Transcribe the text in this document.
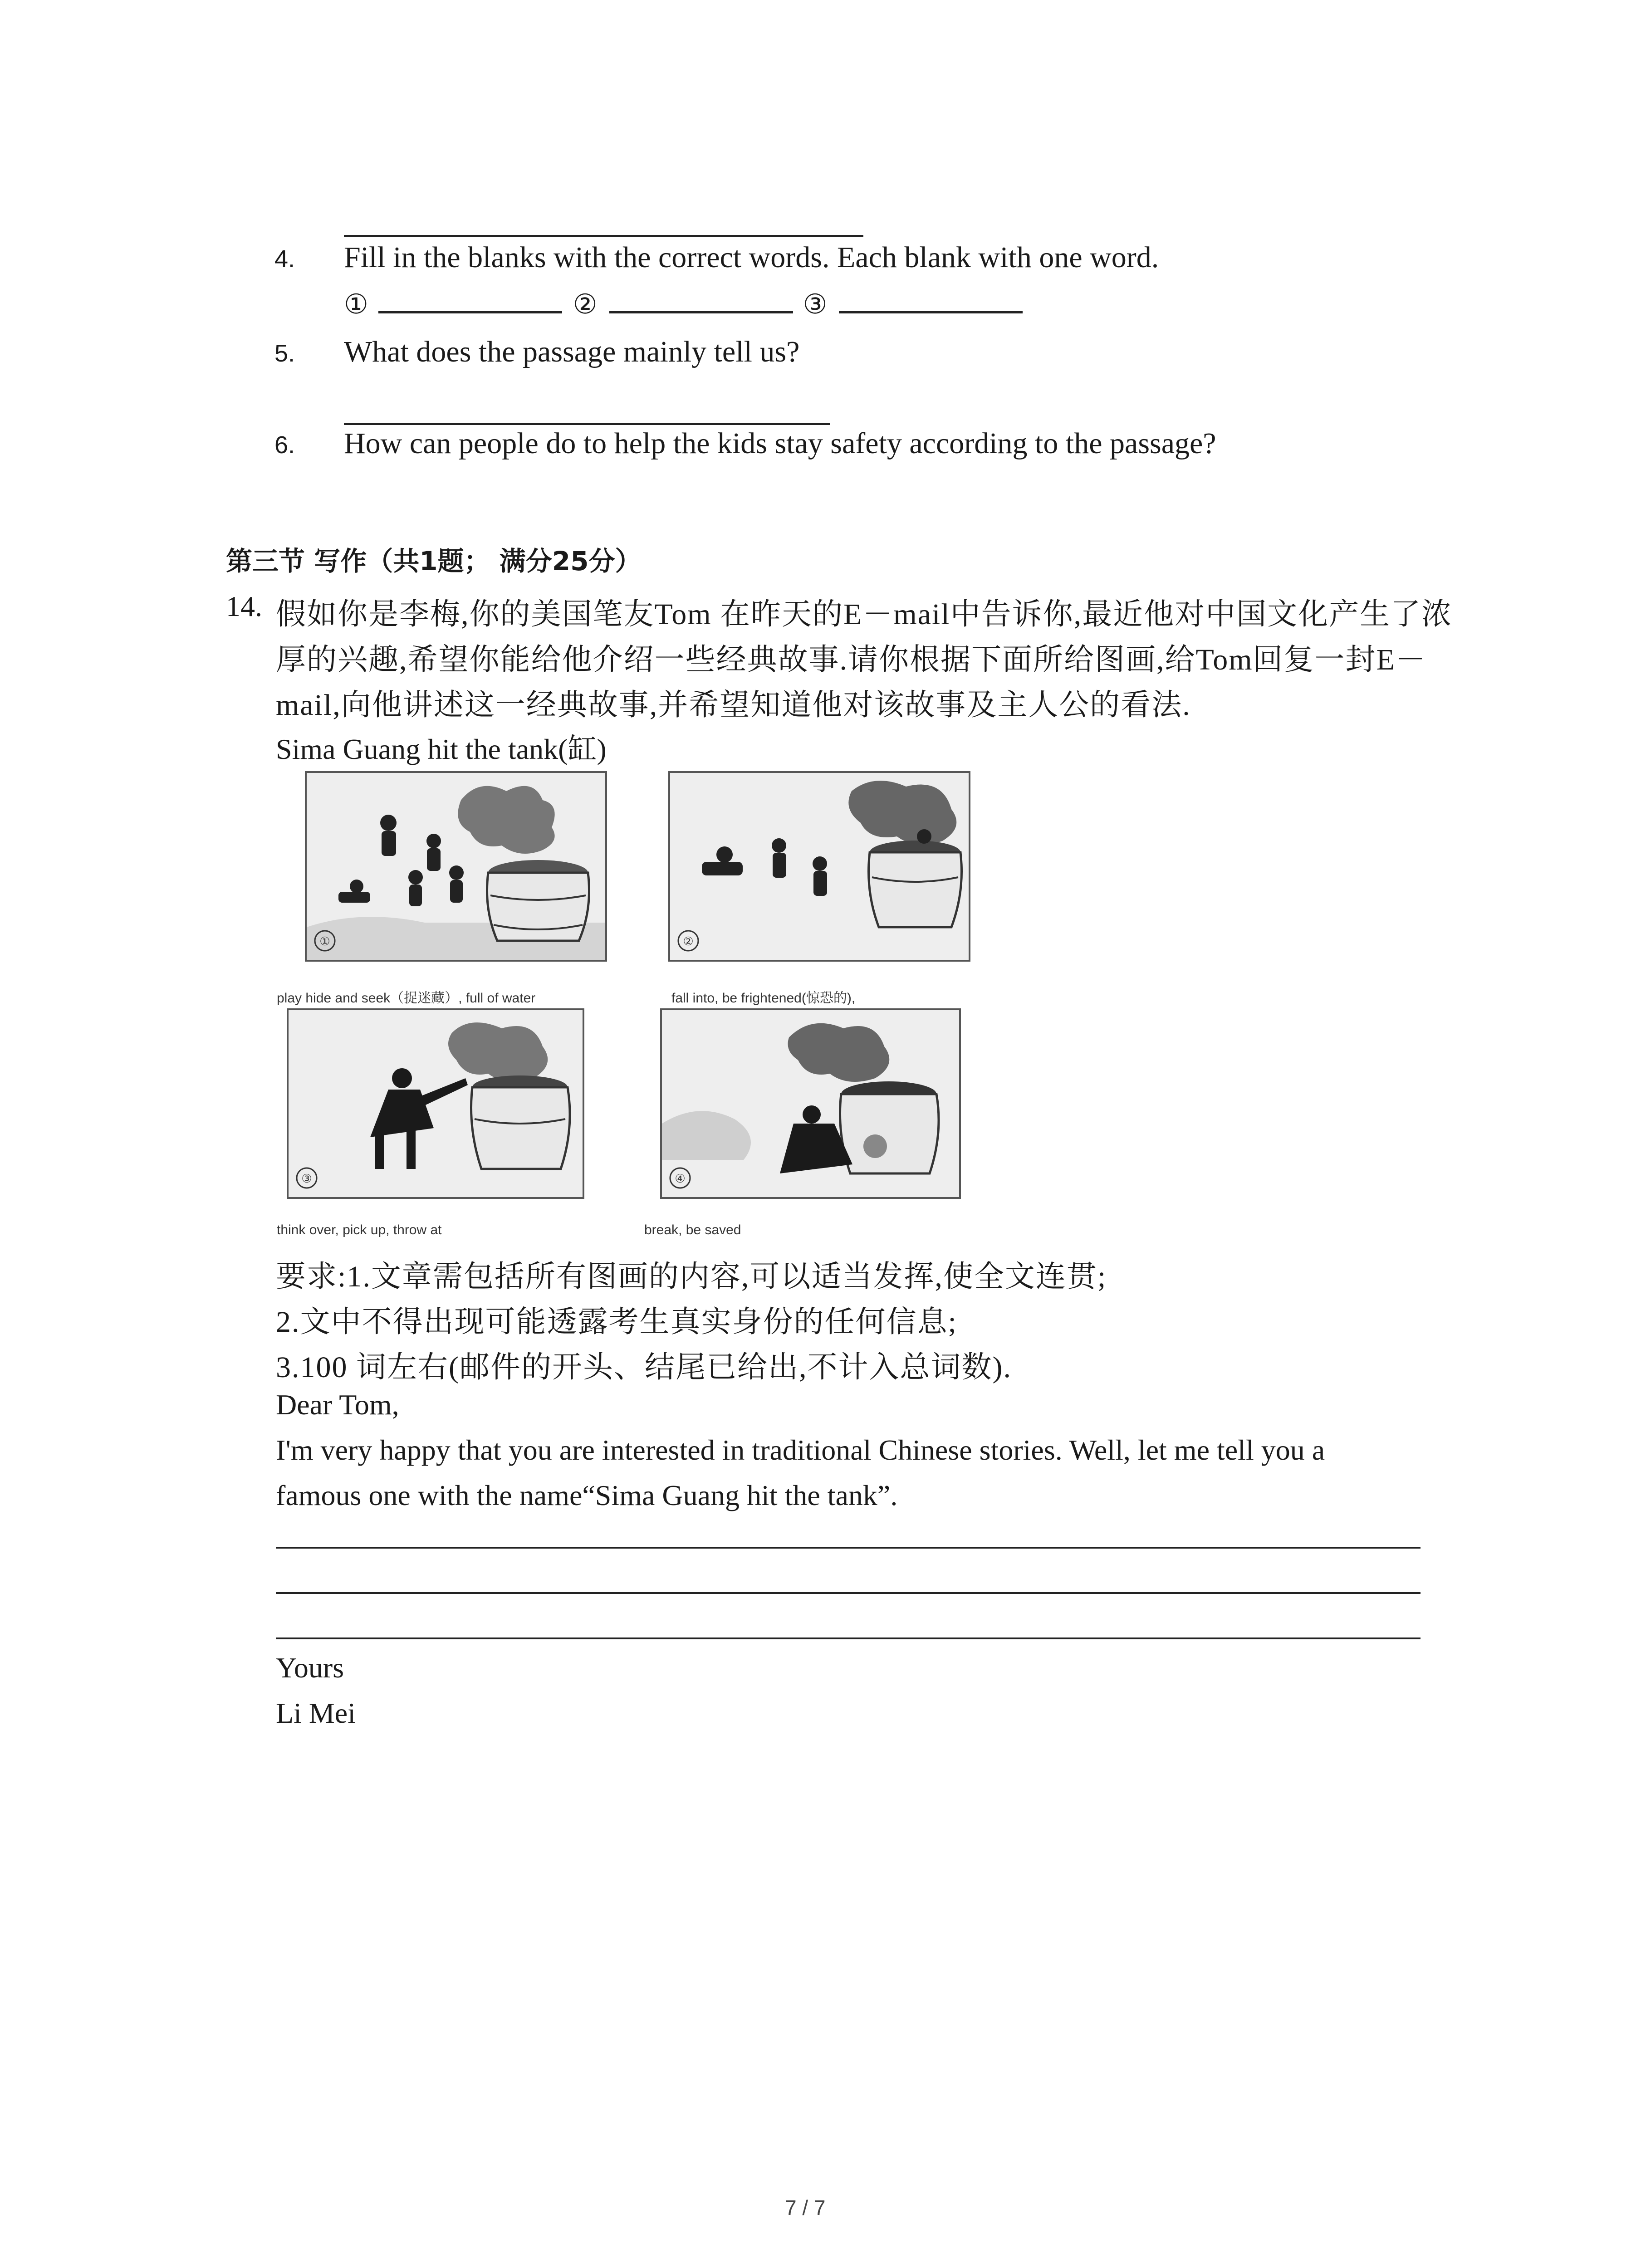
4. Fill in the blanks with the correct words. Each blank with one word.
①	②	③
5. What does the passage mainly tell us?
6. How can people do to help the kids stay safety according to the passage?
第三节 写作（共1题； 满分25分）
14. 假如你是李梅,你的美国笔友Tom 在昨天的E－mail中告诉你,最近他对中国文化产生了浓
厚的兴趣,希望你能给他介绍一些经典故事.请你根据下面所给图画,给Tom回复一封E－
mail,向他讲述这一经典故事,并希望知道他对该故事及主人公的看法.
Sima Guang hit the tank(缸)
①	②
play hide and seek（捉迷藏）, full of water	fall into, be frightened(惊恐的),
③	④
think over, pick up, throw at	break, be saved
要求:1.文章需包括所有图画的内容,可以适当发挥,使全文连贯;
2.文中不得出现可能透露考生真实身份的任何信息;
3.100 词左右(邮件的开头、结尾已给出,不计入总词数).
Dear Tom,
I'm very happy that you are interested in traditional Chinese stories. Well, let me tell you a
famous one with the name“Sima Guang hit the tank”.
Yours
Li Mei
7 / 7
